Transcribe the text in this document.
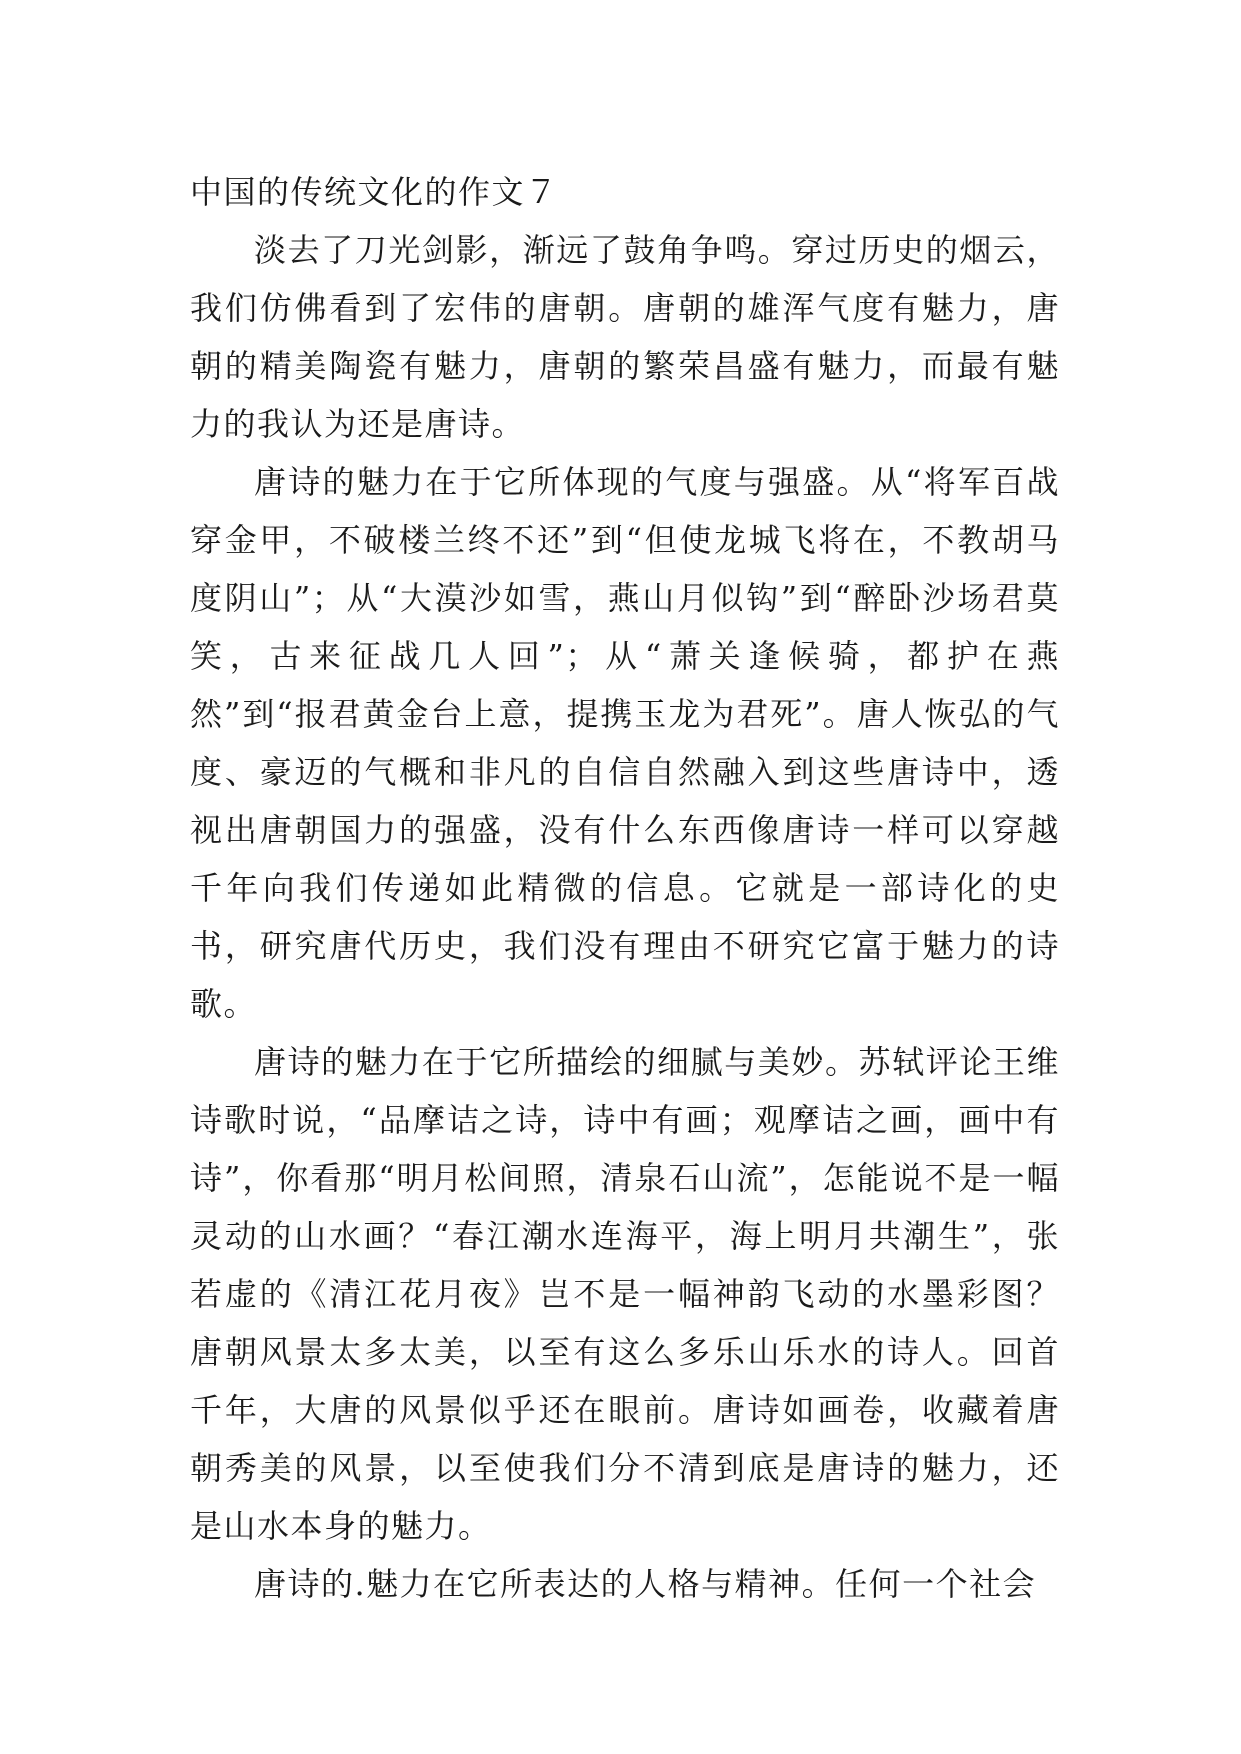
中国的传统文化的作文７

淡去了刀光剑影，渐远了鼓角争鸣。穿过历史的烟云，我们仿佛看到了宏伟的唐朝。唐朝的雄浑气度有魅力，唐朝的精美陶瓷有魅力，唐朝的繁荣昌盛有魅力，而最有魅力的我认为还是唐诗。

唐诗的魅力在于它所体现的气度与强盛。从“将军百战穿金甲，不破楼兰终不还”到“但使龙城飞将在，不教胡马度阴山”；从“大漠沙如雪，燕山月似钩”到“醉卧沙场君莫笑，古来征战几人回”；从“萧关逢候骑，都护在燕然”到“报君黄金台上意，提携玉龙为君死”。唐人恢弘的气度、豪迈的气概和非凡的自信自然融入到这些唐诗中，透视出唐朝国力的强盛，没有什么东西像唐诗一样可以穿越千年向我们传递如此精微的信息。它就是一部诗化的史书，研究唐代历史，我们没有理由不研究它富于魅力的诗歌。

唐诗的魅力在于它所描绘的细腻与美妙。苏轼评论王维诗歌时说，“品摩诘之诗，诗中有画；观摩诘之画，画中有诗”，你看那“明月松间照，清泉石山流”，怎能说不是一幅灵动的山水画？“春江潮水连海平，海上明月共潮生”，张若虚的《清江花月夜》岂不是一幅神韵飞动的水墨彩图？唐朝风景太多太美，以至有这么多乐山乐水的诗人。回首千年，大唐的风景似乎还在眼前。唐诗如画卷，收藏着唐朝秀美的风景，以至使我们分不清到底是唐诗的魅力，还是山水本身的魅力。

唐诗的.魅力在它所表达的人格与精神。任何一个社会
